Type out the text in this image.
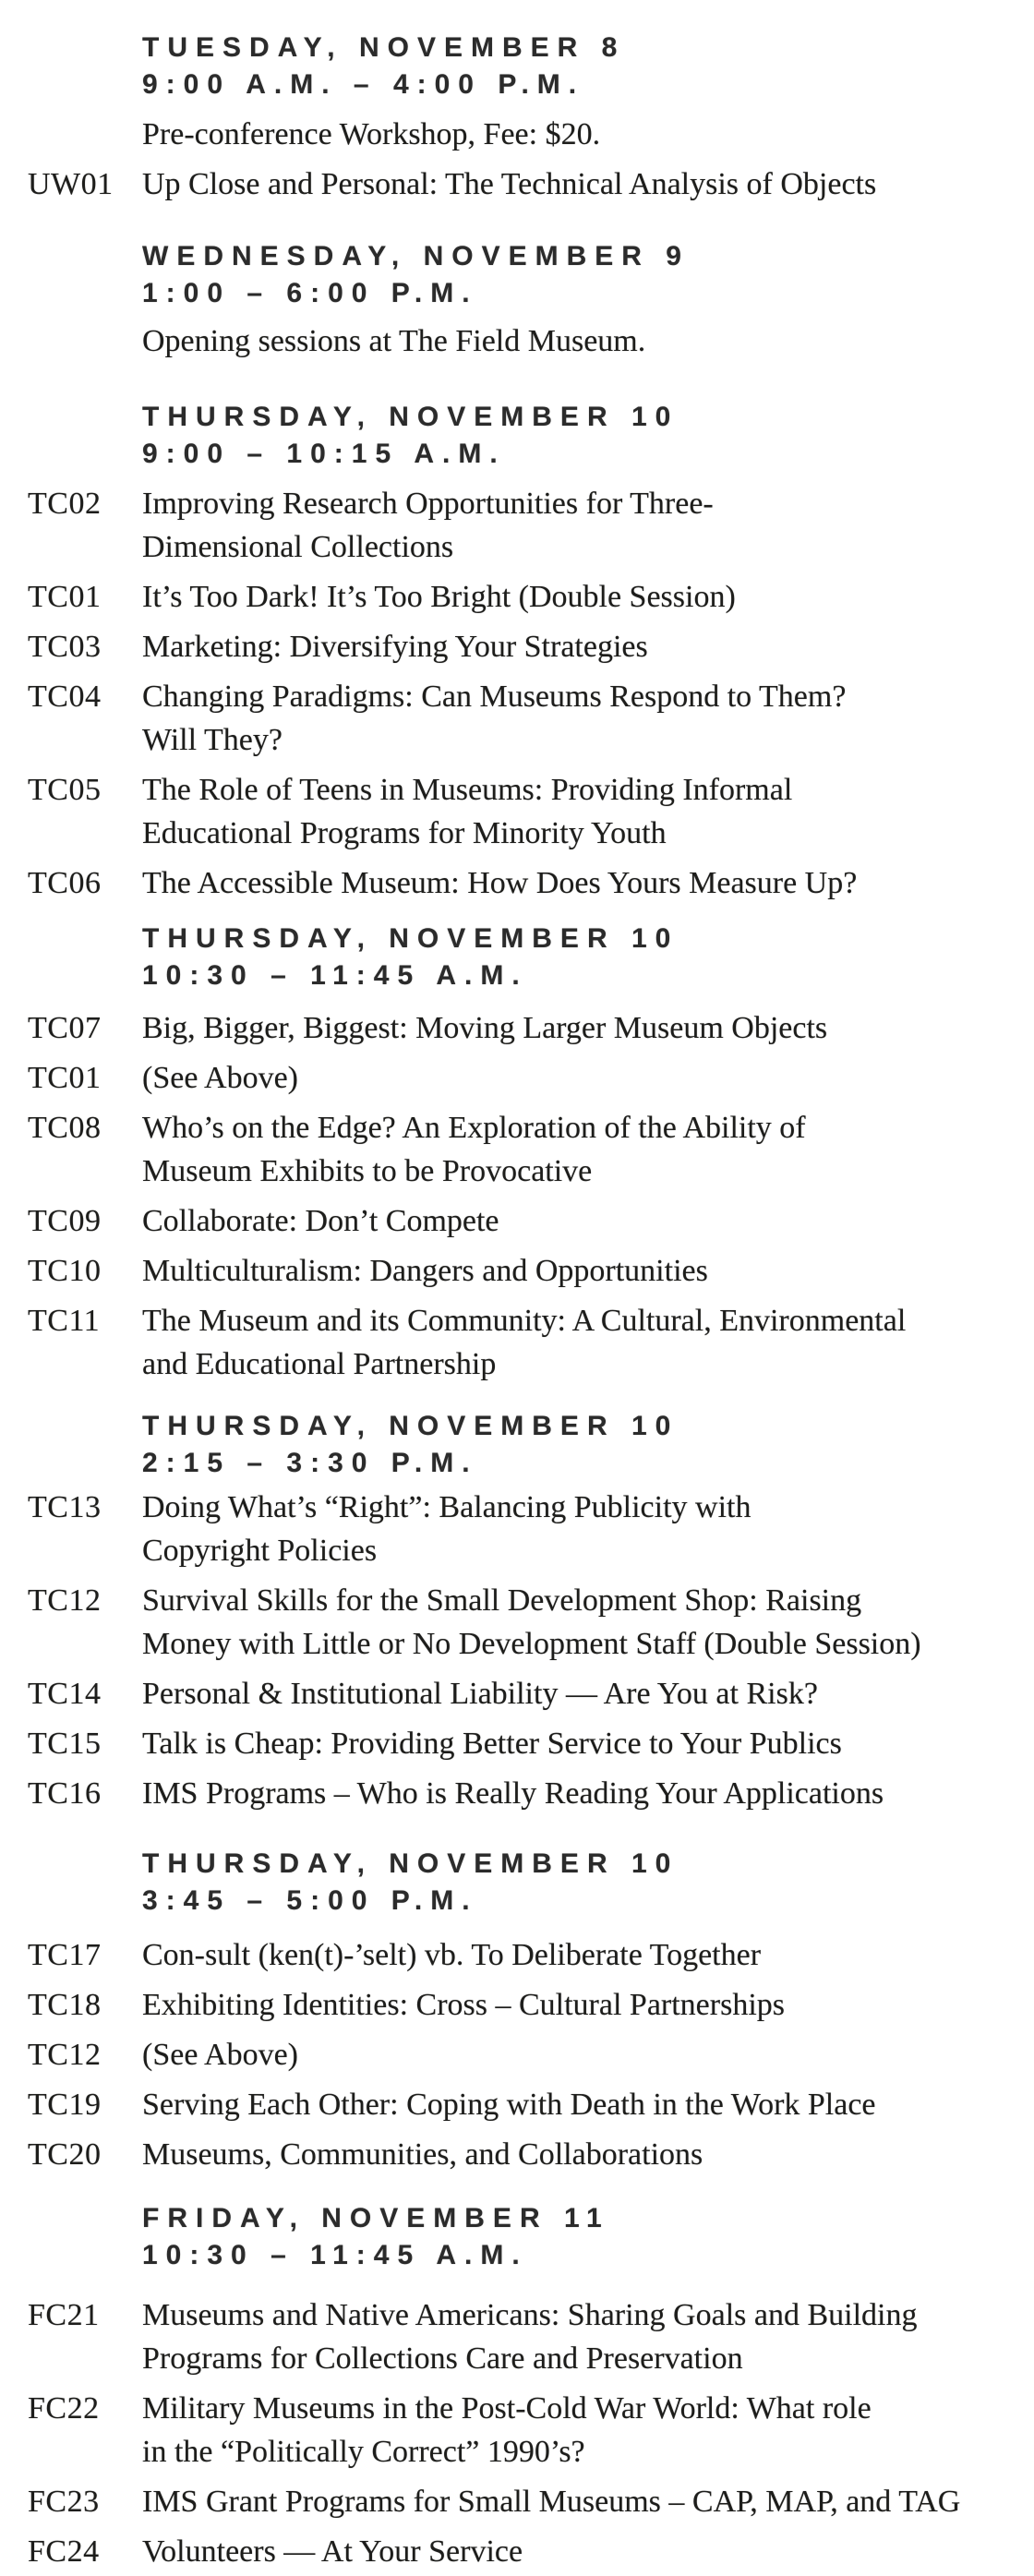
TUESDAY, NOVEMBER 8
9:00 A.M. – 4:00 P.M.
Pre-conference Workshop, Fee: $20.
UW01 Up Close and Personal: The Technical Analysis of Objects
WEDNESDAY, NOVEMBER 9
1:00 – 6:00 P.M.
Opening sessions at The Field Museum.
THURSDAY, NOVEMBER 10
9:00 – 10:15 A.M.
TC02	Improving Research Opportunities for Three-
Dimensional Collections
TC01	It’s Too Dark! It’s Too Bright (Double Session)
TC03	Marketing: Diversifying Your Strategies
TC04	Changing Paradigms: Can Museums Respond to Them?
Will They?
TC05	The Role of Teens in Museums: Providing Informal
Educational Programs for Minority Youth
TC06	The Accessible Museum: How Does Yours Measure Up?
THURSDAY, NOVEMBER 10
10:30 – 11:45 A.M.
TC07	Big, Bigger, Biggest: Moving Larger Museum Objects
TC01	(See Above)
TC08	Who’s on the Edge? An Exploration of the Ability of
Museum Exhibits to be Provocative
TC09	Collaborate: Don’t Compete
TC10	Multiculturalism: Dangers and Opportunities
TC11	The Museum and its Community: A Cultural, Environmental
and Educational Partnership
THURSDAY, NOVEMBER 10
2:15 – 3:30 P.M.
TC13	Doing What’s “Right”: Balancing Publicity with
Copyright Policies
TC12	Survival Skills for the Small Development Shop: Raising
Money with Little or No Development Staff (Double Session)
TC14	Personal & Institutional Liability — Are You at Risk?
TC15	Talk is Cheap: Providing Better Service to Your Publics
TC16	IMS Programs – Who is Really Reading Your Applications
THURSDAY, NOVEMBER 10
3:45 – 5:00 P.M.
TC17	Con-sult (ken(t)-’selt) vb. To Deliberate Together
TC18	Exhibiting Identities: Cross – Cultural Partnerships
TC12	(See Above)
TC19	Serving Each Other: Coping with Death in the Work Place
TC20	Museums, Communities, and Collaborations
FRIDAY, NOVEMBER 11
10:30 – 11:45 A.M.
FC21	Museums and Native Americans: Sharing Goals and Building
Programs for Collections Care and Preservation
FC22	Military Museums in the Post-Cold War World: What role
in the “Politically Correct” 1990’s?
FC23	IMS Grant Programs for Small Museums – CAP, MAP, and TAG
FC24	Volunteers — At Your Service
